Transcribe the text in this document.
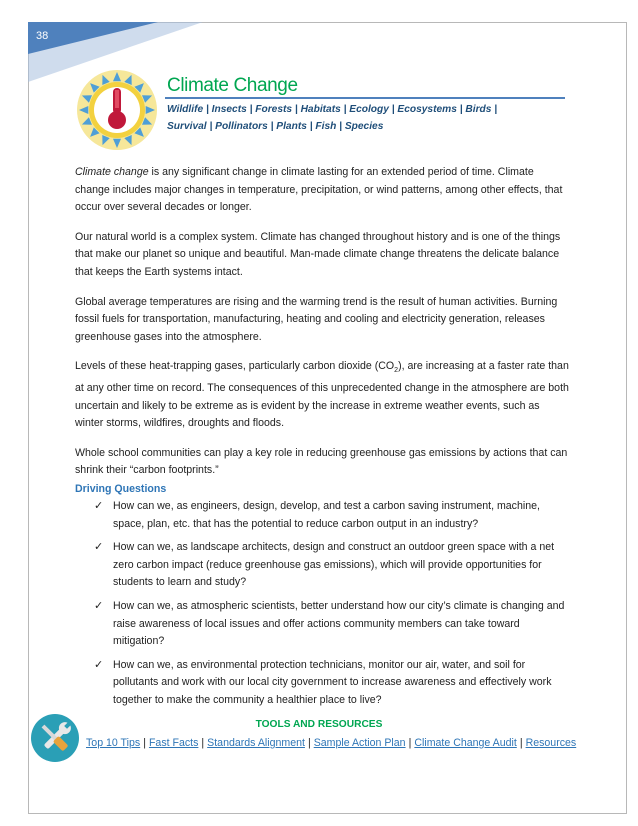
38
Climate Change
Wildlife | Insects | Forests | Habitats | Ecology | Ecosystems | Birds |
Survival | Pollinators | Plants | Fish | Species

Climate change is any significant change in climate lasting for an extended period of time. Climate change includes major changes in temperature, precipitation, or wind patterns, among other effects, that occur over several decades or longer.

Our natural world is a complex system. Climate has changed throughout history and is one of the things that make our planet so unique and beautiful. Man-made climate change threatens the delicate balance that keeps the Earth systems intact.

Global average temperatures are rising and the warming trend is the result of human activities. Burning fossil fuels for transportation, manufacturing, heating and cooling and electricity generation, releases greenhouse gases into the atmosphere.

Levels of these heat-trapping gases, particularly carbon dioxide $(CO_2)$, are increasing at a faster rate than at any other time on record. The consequences of this unprecedented change in the atmosphere are both uncertain and likely to be extreme as is evident by the increase in extreme weather events, such as winter storms, wildfires, droughts and floods.

Whole school communities can play a key role in reducing greenhouse gas emissions by actions that can shrink their “carbon footprints.”

Driving Questions
✓ How can we, as engineers, design, develop, and test a carbon saving instrument, machine, space, plan, etc. that has the potential to reduce carbon output in an industry?
✓ How can we, as landscape architects, design and construct an outdoor green space with a net zero carbon impact (reduce greenhouse gas emissions), which will provide opportunities for students to learn and study?
✓ How can we, as atmospheric scientists, better understand how our city’s climate is changing and raise awareness of local issues and offer actions community members can take toward mitigation?
✓ How can we, as environmental protection technicians, monitor our air, water, and soil for pollutants and work with our local city government to increase awareness and effectively work together to make the community a healthier place to live?
TOOLS AND RESOURCES
Top 10 Tips | Fast Facts | Standards Alignment | Sample Action Plan | Climate Change Audit | Resources
